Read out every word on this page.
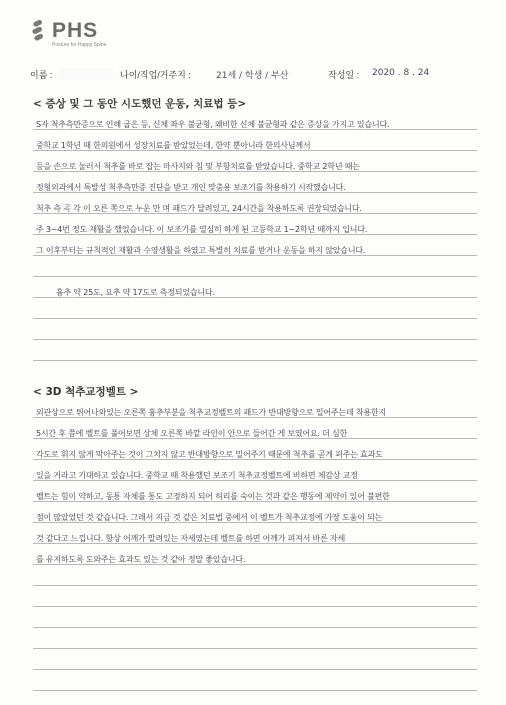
PHS
Posture for Happy Spine
이름 :	나이/직업/거주지 :	21세 / 학생 / 부산	작성일 : 2020 . 8 . 24
< 증상 및 그 동안 시도했던 운동, 치료법 등>
S자 척추측만증으로 인해 굽은 등, 신체 좌우 불균형, 왜비한 신체 불균형과 같은 증상을 가지고 있습니다.
중학교 1학년 때 한의원에서 성장치료를 받았었는데, 한약 뿐아니라 한의사님께서
등을 손으로 눌러서 척추를 바로 잡는 마사지와 침 및 부항치료를 받았습니다. 중학교 2학년 때는
정형외과에서 특발성 척추측만증 진단을 받고 개인 맞춤용 보조기를 착용하기 시작했습니다.
척추 측 곡 각 이 오른 쪽으로 누운 만 며 패드가 달려있고, 24시간을 착용하도록 권장되었습니다.
주 3~4번 정도 재활을 했었습니다. 이 보조기를 열심히 하게 된 고등학교 1~2학년 때까지 입니다.
그 이후부터는 규칙적인 재활과 수영생활을 하였고 특별히 치료를 받거나 운동을 하지 않았습니다.
흉추 약 25도, 요추 약 17도로 측정되었습니다.
< 3D 척추교정벨트 >
외관상으로 튀어나와있는 오른쪽 흉추부분을 척추교정벨트의 패드가 반대방향으로 밀어주는데 착용한지
5시간 후 쯤에 벨트를 풀어보면 상체 오른쪽 바깥 라인이 안으로 들어간 게 보였어요. 더 심한
각도로 휘지 않게 막아주는 것이 그치지 않고 반대방향으로 밀어주기 때문에 척추를 곧게 펴주는 효과도
있을 거라고 기대하고 있습니다. 중학교 때 착용했던 보조기 척추교정벨트에 비하면 체감상 교정
벨트는 힘이 약하고, 동통 자체를 통도 고정하지 되어 허리를 숙이는 것과 같은 행동에 제약이 있어 불편한
점이 많았었던 것 같습니다. 그래서 지금 것 같은 치료법 중에서 이 벨트가 척추교정에 가장 도움이 되는
것 같다고 느낍니다. 항상 어깨가 말려있는 자세였는데 벨트를 하면 어깨가 펴져서 바른 자세
를 유지하도록 도와주는 효과도 있는 것 같아 정말 좋았습니다.
